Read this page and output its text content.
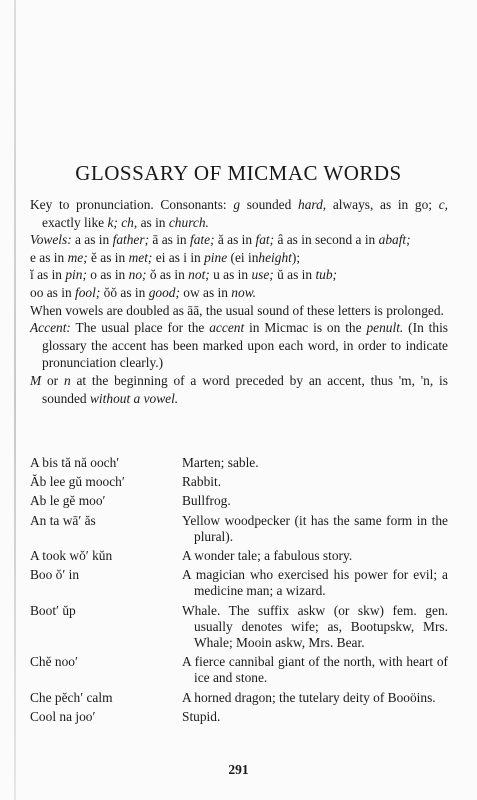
GLOSSARY OF MICMAC WORDS

Key to pronunciation. Consonants: g sounded hard, always, as in go; c, exactly like k; ch, as in church.

Vowels: a as in father; ā as in fate; ă as in fat; â as in second a in abaft;

e as in me; ĕ as in met; ei as i in pine (ei inheight);

ĭ as in pin; o as in no; ŏ as in not; u as in use; ŭ as in tub;

oo as in fool; ŏŏ as in good; ow as in now.

When vowels are doubled as āā, the usual sound of these letters is prolonged.

Accent: The usual place for the accent in Micmac is on the penult. (In this glossary the accent has been marked upon each word, in order to indicate pronunciation clearly.)

M or n at the beginning of a word preceded by an accent, thus 'm, 'n, is sounded without a vowel.

A bis tă nă ooch′	Marten; sable.
Ăb lee gŭ mooch′	Rabbit.
Ab le gĕ moo′	Bullfrog.
An ta wā′ ăs	Yellow woodpecker (it has the same form in the plural).
A took wŏ′ kŭn	A wonder tale; a fabulous story.
Boo ŏ′ in	A magician who exercised his power for evil; a medicine man; a wizard.
Boot′ ŭp	Whale. The suffix askw (or skw) fem. gen. usually denotes wife; as, Bootupskw, Mrs. Whale; Mooin askw, Mrs. Bear.
Chĕ noo′	A fierce cannibal giant of the north, with heart of ice and stone.
Che pĕch′ calm	A horned dragon; the tutelary deity of Booöins.
Cool na joo′	Stupid.
291
